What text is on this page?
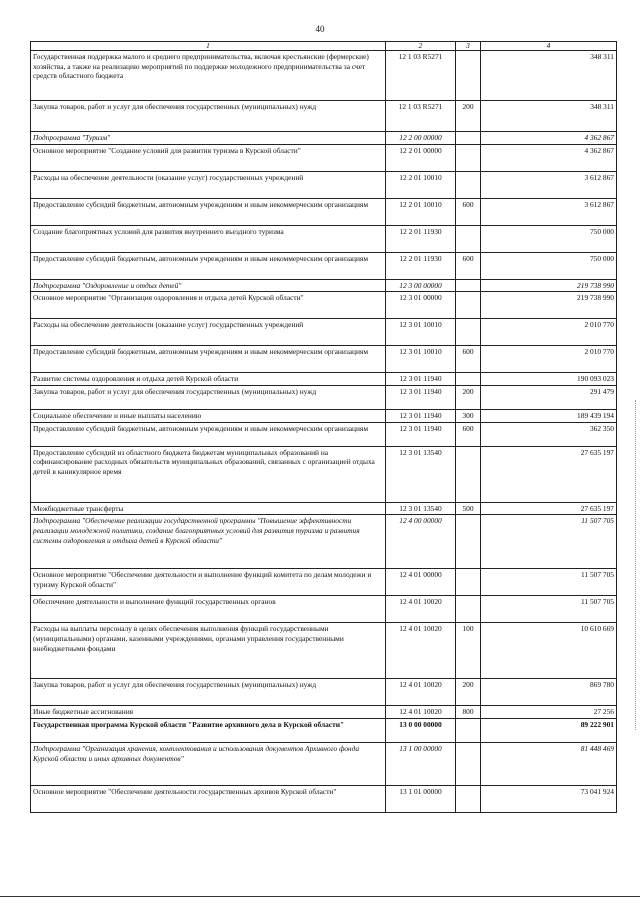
40
1	2	3	4
Государственная поддержка малого и среднего предпринимательства, включая крестьянские (фермерские) хозяйства, а также на реализацию мероприятий по поддержке молодежного предпринимательства за счет средств областного бюджета	12 1 03 R5271		348 311
Закупка товаров, работ и услуг для обеспечения государственных (муниципальных) нужд	12 1 03 R5271	200	348 311
Подпрограмма "Туризм"	12 2 00 00000		4 362 867
Основное мероприятие "Создание условий для развития туризма в Курской области"	12 2 01 00000		4 362 867
Расходы на обеспечение деятельности (оказание услуг) государственных учреждений	12 2 01 10010		3 612 867
Предоставление субсидий бюджетным, автономным учреждениям и иным некоммерческим организациям	12 2 01 10010	600	3 612 867
Создание благоприятных условий для развития внутреннего въездного туризма	12 2 01 11930		750 000
Предоставление субсидий бюджетным, автономным учреждениям и иным некоммерческим организациям	12 2 01 11930	600	750 000
Подпрограмма "Оздоровление и отдых детей"	12 3 00 00000		219 738 990
Основное мероприятие "Организация оздоровления и отдыха детей Курской области"	12 3 01 00000		219 738 990
Расходы на обеспечение деятельности (оказание услуг) государственных учреждений	12 3 01 10010		2 010 770
Предоставление субсидий бюджетным, автономным учреждениям и иным некоммерческим организациям	12 3 01 10010	600	2 010 770
Развитие системы оздоровления и отдыха детей Курской области	12 3 01 11940		190 093 023
Закупка товаров, работ и услуг для обеспечения государственных (муниципальных) нужд	12 3 01 11940	200	291 479
Социальное обеспечение и иные выплаты населению	12 3 01 11940	300	189 439 194
Предоставление субсидий бюджетным, автономным учреждениям и иным некоммерческим организациям	12 3 01 11940	600	362 350
Предоставление субсидий из областного бюджета бюджетам муниципальных образований на софинансирование расходных обязательств муниципальных образований, связанных с организацией отдыха детей в каникулярное время	12 3 01 13540		27 635 197
Межбюджетные трансферты	12 3 01 13540	500	27 635 197
Подпрограмма "Обеспечение реализации государственной программы "Повышение эффективности реализации молодежной политики, создание благоприятных условий для развития туризма и развития системы оздоровления и отдыха детей в Курской области"	12 4 00 00000		11 507 705
Основное мероприятие "Обеспечение деятельности и выполнение функций комитета по делам молодежи и туризму Курской области"	12 4 01 00000		11 507 705
Обеспечение деятельности и выполнение функций государственных органов	12 4 01 10020		11 507 705
Расходы на выплаты персоналу в целях обеспечения выполнения функций государственными (муниципальными) органами, казенными учреждениями, органами управления государственными внебюджетными фондами	12 4 01 10020	100	10 610 669
Закупка товаров, работ и услуг для обеспечения государственных (муниципальных) нужд	12 4 01 10020	200	869 780
Иные бюджетные ассигнования	12 4 01 10020	800	27 256
Государственная программа Курской области "Развитие архивного дела в Курской области"	13 0 00 00000		89 222 901
Подпрограмма "Организация хранения, комплектования и использования документов Архивного фонда Курской области и иных архивных документов"	13 1 00 00000		81 448 469
Основное мероприятие "Обеспечение деятельности государственных архивов Курской области"	13 1 01 00000		73 041 924
